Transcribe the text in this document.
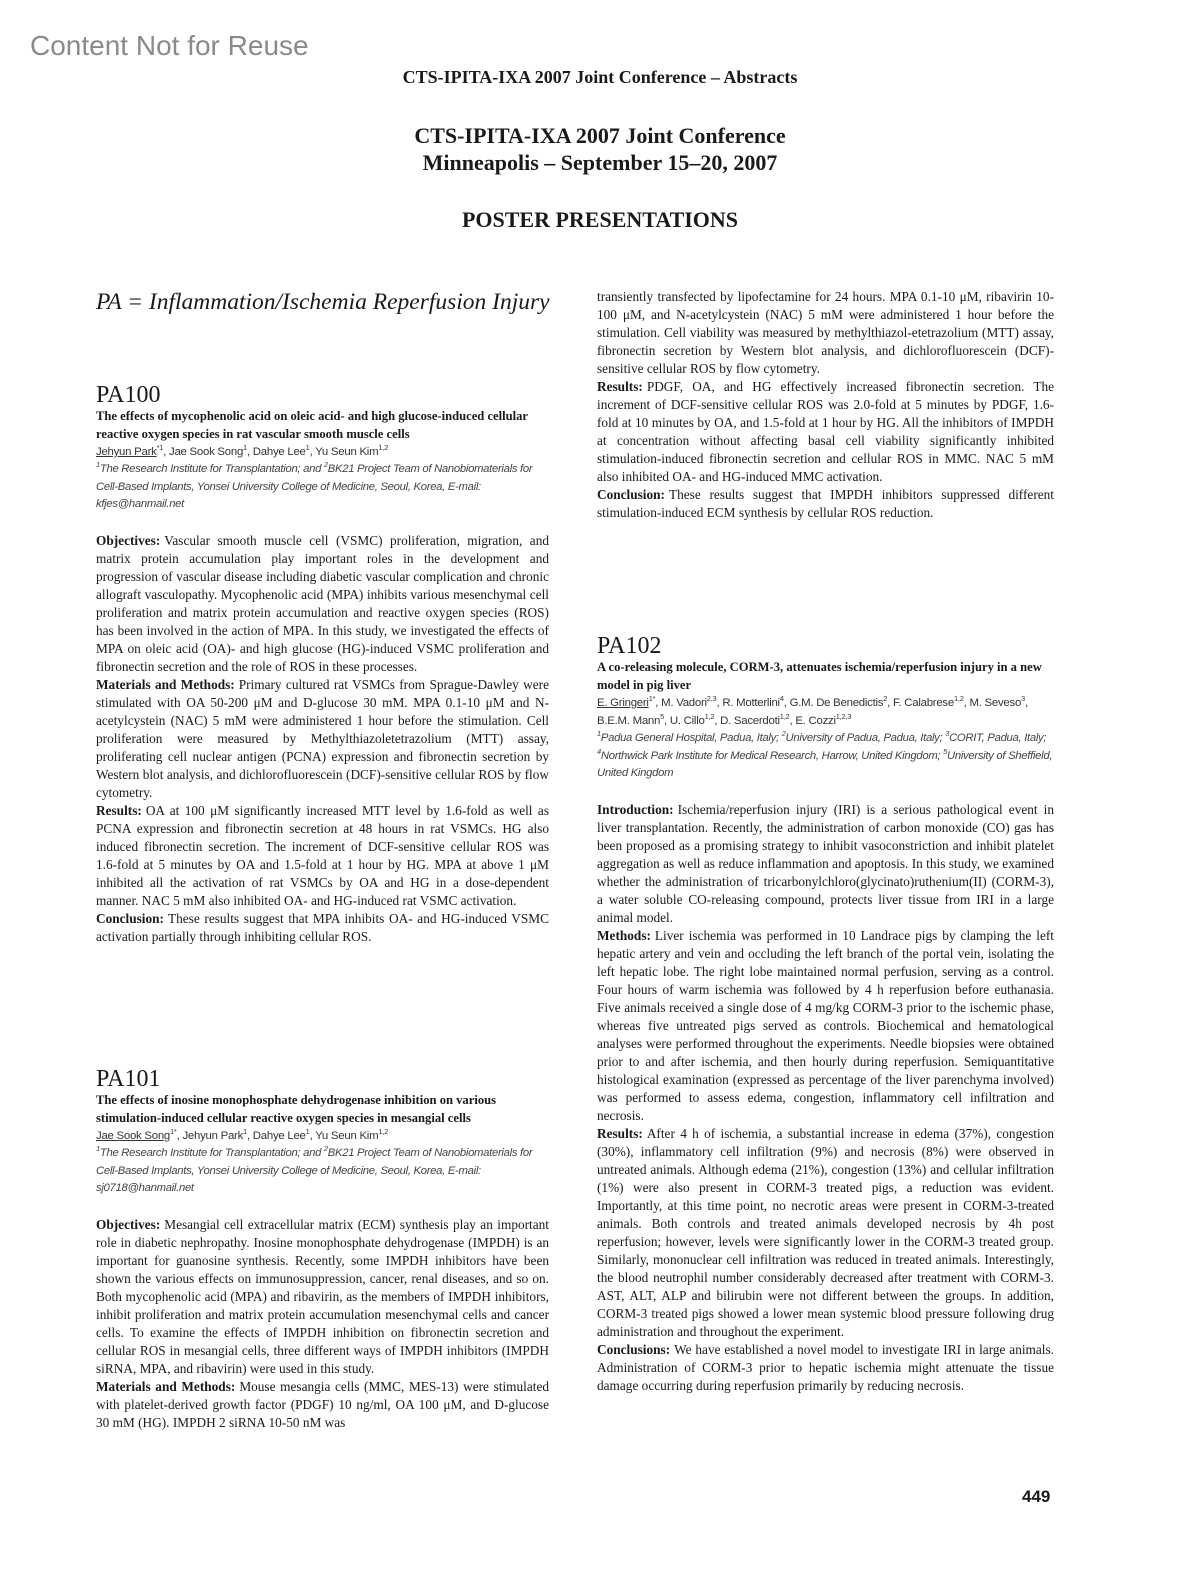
Content Not for Reuse
CTS-IPITA-IXA 2007 Joint Conference – Abstracts
CTS-IPITA-IXA 2007 Joint Conference
Minneapolis – September 15–20, 2007
POSTER PRESENTATIONS
PA = Inflammation/Ischemia Reperfusion Injury
PA100
The effects of mycophenolic acid on oleic acid- and high glucose-induced cellular reactive oxygen species in rat vascular smooth muscle cells
Jehyun Park$^{*1}$ , Jae Sook Song$^1$ , Dahye Lee$^1$ , Yu Seun Kim$^{1,2}$
$^1$The Research Institute for Transplantation; and $^2$BK21 Project Team of Nanobiomaterials for Cell-Based Implants, Yonsei University College of Medicine, Seoul, Korea, E-mail: kfjes@hanmail.net

Objectives: Vascular smooth muscle cell (VSMC) proliferation, migration, and matrix protein accumulation play important roles in the development and progression of vascular disease including diabetic vascular complication and chronic allograft vasculopathy. Mycophenolic acid (MPA) inhibits various mesenchymal cell proliferation and matrix protein accumulation and reactive oxygen species (ROS) has been involved in the action of MPA. In this study, we investigated the effects of MPA on oleic acid (OA)- and high glucose (HG)-induced VSMC proliferation and fibronectin secretion and the role of ROS in these processes.

Materials and Methods: Primary cultured rat VSMCs from Sprague-Dawley were stimulated with OA 50-200 μM and D-glucose 30 mM. MPA 0.1-10 μM and N-acetylcystein (NAC) 5 mM were administered 1 hour before the stimulation. Cell proliferation were measured by Methylthiazoletetrazolium (MTT) assay, proliferating cell nuclear antigen (PCNA) expression and fibronectin secretion by Western blot analysis, and dichlorofluorescein (DCF)-sensitive cellular ROS by flow cytometry.

Results: OA at 100 μM significantly increased MTT level by 1.6-fold as well as PCNA expression and fibronectin secretion at 48 hours in rat VSMCs. HG also induced fibronectin secretion. The increment of DCF-sensitive cellular ROS was 1.6-fold at 5 minutes by OA and 1.5-fold at 1 hour by HG. MPA at above 1 μM inhibited all the activation of rat VSMCs by OA and HG in a dose-dependent manner. NAC 5 mM also inhibited OA- and HG-induced rat VSMC activation.

Conclusion: These results suggest that MPA inhibits OA- and HG-induced VSMC activation partially through inhibiting cellular ROS.

PA101
The effects of inosine monophosphate dehydrogenase inhibition on various stimulation-induced cellular reactive oxygen species in mesangial cells
Jae Sook Song$^{1*}$ , Jehyun Park$^1$ , Dahye Lee$^1$ , Yu Seun Kim$^{1,2}$
$^1$The Research Institute for Transplantation; and $^2$BK21 Project Team of Nanobiomaterials for Cell-Based Implants, Yonsei University College of Medicine, Seoul, Korea, E-mail: sj0718@hanmail.net

Objectives: Mesangial cell extracellular matrix (ECM) synthesis play an important role in diabetic nephropathy. Inosine monophosphate dehydrogenase (IMPDH) is an important for guanosine synthesis. Recently, some IMPDH inhibitors have been shown the various effects on immunosuppression, cancer, renal diseases, and so on. Both mycophenolic acid (MPA) and ribavirin, as the members of IMPDH inhibitors, inhibit proliferation and matrix protein accumulation mesenchymal cells and cancer cells. To examine the effects of IMPDH inhibition on fibronectin secretion and cellular ROS in mesangial cells, three different ways of IMPDH inhibitors (IMPDH siRNA, MPA, and ribavirin) were used in this study.

Materials and Methods: Mouse mesangia cells (MMC, MES-13) were stimulated with platelet-derived growth factor (PDGF) 10 ng/ml, OA 100 μM, and D-glucose 30 mM (HG). IMPDH 2 siRNA 10-50 nM was

transiently transfected by lipofectamine for 24 hours. MPA 0.1-10 μM, ribavirin 10-100 μM, and N-acetylcystein (NAC) 5 mM were administered 1 hour before the stimulation. Cell viability was measured by methylthiazol-etetrazolium (MTT) assay, fibronectin secretion by Western blot analysis, and dichlorofluorescein (DCF)-sensitive cellular ROS by flow cytometry.

Results: PDGF, OA, and HG effectively increased fibronectin secretion. The increment of DCF-sensitive cellular ROS was 2.0-fold at 5 minutes by PDGF, 1.6-fold at 10 minutes by OA, and 1.5-fold at 1 hour by HG. All the inhibitors of IMPDH at concentration without affecting basal cell viability significantly inhibited stimulation-induced fibronectin secretion and cellular ROS in MMC. NAC 5 mM also inhibited OA- and HG-induced MMC activation.

Conclusion: These results suggest that IMPDH inhibitors suppressed different stimulation-induced ECM synthesis by cellular ROS reduction.

PA102
A co-releasing molecule, CORM-3, attenuates ischemia/reperfusion injury in a new model in pig liver
E. Gringeri$^{1*}$ , M. Vadori$^{2,3}$ , R. Motterlini$^4$ , G.M. De Benedictis$^2$ , F. Calabrese$^{1,2}$ , M. Seveso$^3$ , B.E.M. Mann$^5$ , U. Cillo$^{1,2}$ , D. Sacerdoti$^{1,2}$ , E. Cozzi$^{1,2,3}$
$^1$Padua General Hospital, Padua, Italy; $^2$University of Padua, Padua, Italy; $^3$CORIT, Padua, Italy; $^4$Northwick Park Institute for Medical Research, Harrow, United Kingdom; $^5$University of Sheffield, United Kingdom

Introduction: Ischemia/reperfusion injury (IRI) is a serious pathological event in liver transplantation. Recently, the administration of carbon monoxide (CO) gas has been proposed as a promising strategy to inhibit vasoconstriction and inhibit platelet aggregation as well as reduce inflammation and apoptosis. In this study, we examined whether the administration of tricarbonylchloro(glycinato)ruthenium(II) (CORM-3), a water soluble CO-releasing compound, protects liver tissue from IRI in a large animal model.

Methods: Liver ischemia was performed in 10 Landrace pigs by clamping the left hepatic artery and vein and occluding the left branch of the portal vein, isolating the left hepatic lobe. The right lobe maintained normal perfusion, serving as a control. Four hours of warm ischemia was followed by 4 h reperfusion before euthanasia. Five animals received a single dose of 4 mg/kg CORM-3 prior to the ischemic phase, whereas five untreated pigs served as controls. Biochemical and hematological analyses were performed throughout the experiments. Needle biopsies were obtained prior to and after ischemia, and then hourly during reperfusion. Semiquantitative histological examination (expressed as percentage of the liver parenchyma involved) was performed to assess edema, congestion, inflammatory cell infiltration and necrosis.

Results: After 4 h of ischemia, a substantial increase in edema (37%), congestion (30%), inflammatory cell infiltration (9%) and necrosis (8%) were observed in untreated animals. Although edema (21%), congestion (13%) and cellular infiltration (1%) were also present in CORM-3 treated pigs, a reduction was evident. Importantly, at this time point, no necrotic areas were present in CORM-3-treated animals. Both controls and treated animals developed necrosis by 4h post reperfusion; however, levels were significantly lower in the CORM-3 treated group. Similarly, mononuclear cell infiltration was reduced in treated animals. Interestingly, the blood neutrophil number considerably decreased after treatment with CORM-3. AST, ALT, ALP and bilirubin were not different between the groups. In addition, CORM-3 treated pigs showed a lower mean systemic blood pressure following drug administration and throughout the experiment.

Conclusions: We have established a novel model to investigate IRI in large animals. Administration of CORM-3 prior to hepatic ischemia might attenuate the tissue damage occurring during reperfusion primarily by reducing necrosis.

449
